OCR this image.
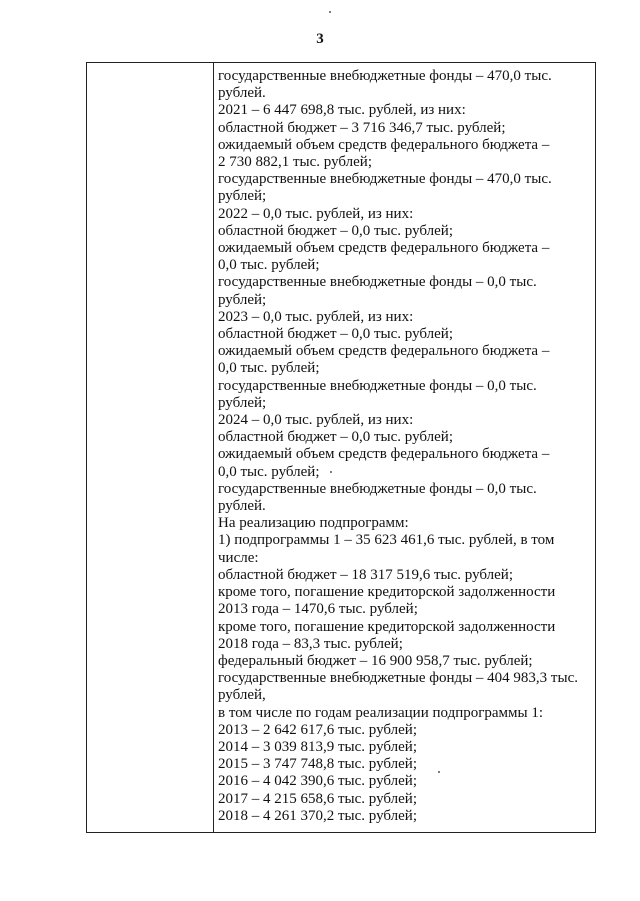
3
государственные внебюджетные фонды – 470,0 тыс.
рублей.
2021 – 6 447 698,8 тыс. рублей, из них:
областной бюджет – 3 716 346,7 тыс. рублей;
ожидаемый объем средств федерального бюджета –
2 730 882,1 тыс. рублей;
государственные внебюджетные фонды – 470,0 тыс.
рублей;
2022 – 0,0 тыс. рублей, из них:
областной бюджет – 0,0 тыс. рублей;
ожидаемый объем средств федерального бюджета –
0,0 тыс. рублей;
государственные внебюджетные фонды – 0,0 тыс.
рублей;
2023 – 0,0 тыс. рублей, из них:
областной бюджет – 0,0 тыс. рублей;
ожидаемый объем средств федерального бюджета –
0,0 тыс. рублей;
государственные внебюджетные фонды – 0,0 тыс.
рублей;
2024 – 0,0 тыс. рублей, из них:
областной бюджет – 0,0 тыс. рублей;
ожидаемый объем средств федерального бюджета –
0,0 тыс. рублей;
государственные внебюджетные фонды – 0,0 тыс.
рублей.
На реализацию подпрограмм:
1) подпрограммы 1 – 35 623 461,6 тыс. рублей, в том
числе:
областной бюджет – 18 317 519,6 тыс. рублей;
кроме того, погашение кредиторской задолженности
2013 года – 1470,6 тыс. рублей;
кроме того, погашение кредиторской задолженности
2018 года – 83,3 тыс. рублей;
федеральный бюджет – 16 900 958,7 тыс. рублей;
государственные внебюджетные фонды – 404 983,3 тыс.
рублей,
в том числе по годам реализации подпрограммы 1:
2013 – 2 642 617,6 тыс. рублей;
2014 – 3 039 813,9 тыс. рублей;
2015 – 3 747 748,8 тыс. рублей;
2016 – 4 042 390,6 тыс. рублей;
2017 – 4 215 658,6 тыс. рублей;
2018 – 4 261 370,2 тыс. рублей;
